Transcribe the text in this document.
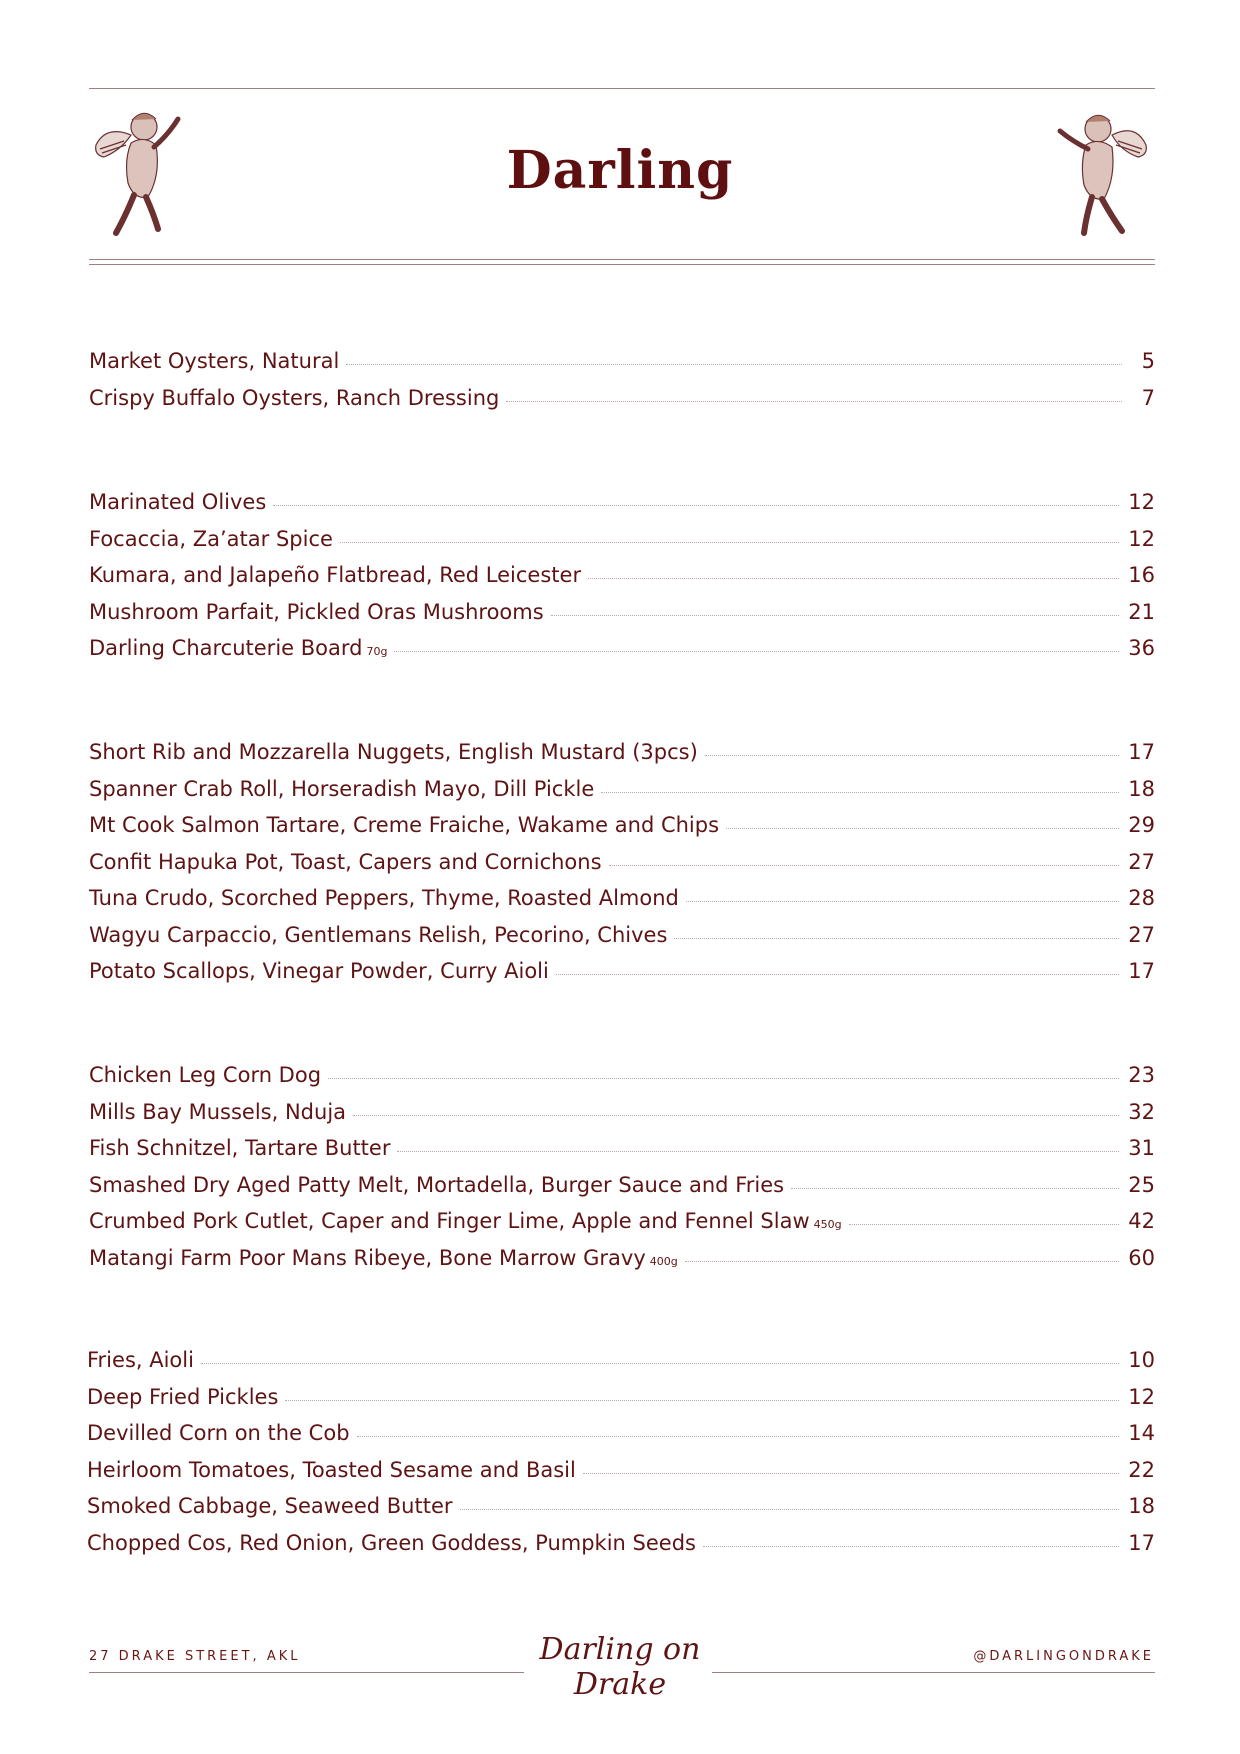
Darling
Market Oysters, Natural	5
Crispy Buffalo Oysters, Ranch Dressing	7
Marinated Olives	12
Focaccia, Za’atar Spice	12
Kumara, and Jalapeño Flatbread, Red Leicester	16
Mushroom Parfait, Pickled Oras Mushrooms	21
Darling Charcuterie Board 70g	36
Short Rib and Mozzarella Nuggets, English Mustard (3pcs)	17
Spanner Crab Roll, Horseradish Mayo, Dill Pickle	18
Mt Cook Salmon Tartare, Creme Fraiche, Wakame and Chips	29
Confit Hapuka Pot, Toast, Capers and Cornichons	27
Tuna Crudo, Scorched Peppers, Thyme, Roasted Almond	28
Wagyu Carpaccio, Gentlemans Relish, Pecorino, Chives	27
Potato Scallops, Vinegar Powder, Curry Aioli	17
Chicken Leg Corn Dog	23
Mills Bay Mussels, Nduja	32
Fish Schnitzel, Tartare Butter	31
Smashed Dry Aged Patty Melt, Mortadella, Burger Sauce and Fries	25
Crumbed Pork Cutlet, Caper and Finger Lime, Apple and Fennel Slaw 450g	42
Matangi Farm Poor Mans Ribeye, Bone Marrow Gravy 400g	60
Fries, Aioli	10
Deep Fried Pickles	12
Devilled Corn on the Cob	14
Heirloom Tomatoes, Toasted Sesame and Basil	22
Smoked Cabbage, Seaweed Butter	18
Chopped Cos, Red Onion, Green Goddess, Pumpkin Seeds	17
27 DRAKE STREET, AKL	Darling on Drake
@DARLINGONDRAKE
